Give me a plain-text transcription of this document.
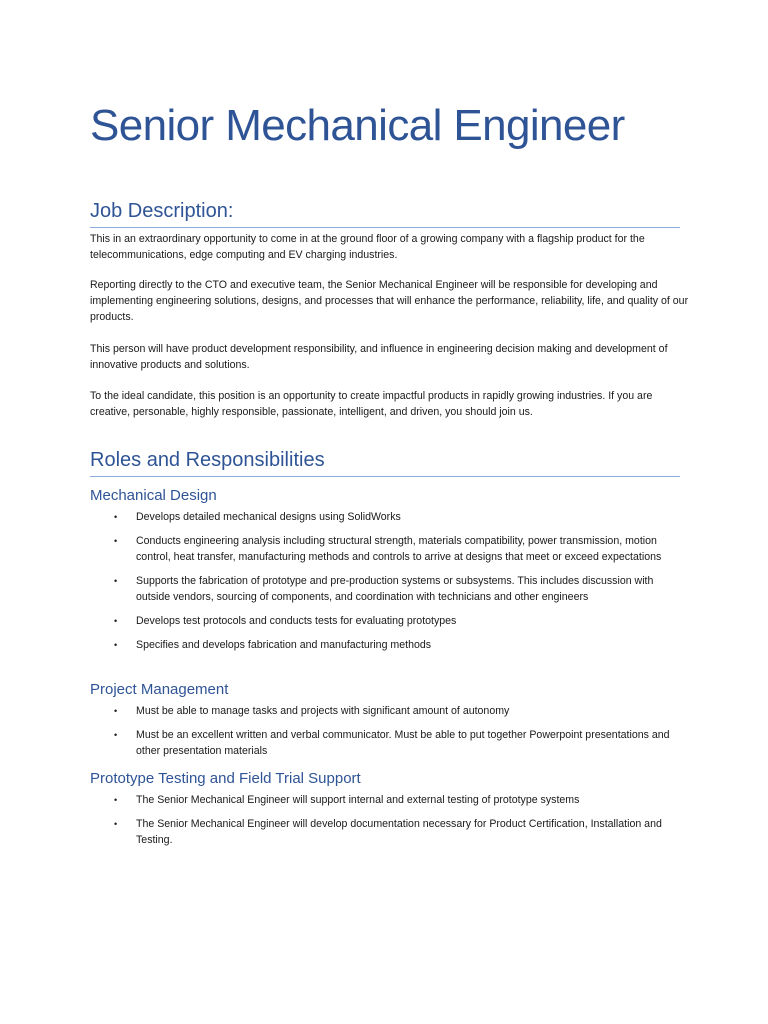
Senior Mechanical Engineer
Job Description:

This in an extraordinary opportunity to come in at the ground floor of a growing company with a flagship product for the telecommunications, edge computing and EV charging industries.

Reporting directly to the CTO and executive team, the Senior Mechanical Engineer will be responsible for developing and implementing engineering solutions, designs, and processes that will enhance the performance, reliability, life, and quality of our products.

This person will have product development responsibility, and influence in engineering decision making and development of innovative products and solutions.

To the ideal candidate, this position is an opportunity to create impactful products in rapidly growing industries. If you are creative, personable, highly responsible, passionate, intelligent, and driven, you should join us.

Roles and Responsibilities
Mechanical Design
• Develops detailed mechanical designs using SolidWorks
• Conducts engineering analysis including structural strength, materials compatibility, power transmission, motion control, heat transfer, manufacturing methods and controls to arrive at designs that meet or exceed expectations
• Supports the fabrication of prototype and pre-production systems or subsystems. This includes discussion with outside vendors, sourcing of components, and coordination with technicians and other engineers
• Develops test protocols and conducts tests for evaluating prototypes
• Specifies and develops fabrication and manufacturing methods
Project Management
• Must be able to manage tasks and projects with significant amount of autonomy
• Must be an excellent written and verbal communicator. Must be able to put together Powerpoint presentations and other presentation materials
Prototype Testing and Field Trial Support
• The Senior Mechanical Engineer will support internal and external testing of prototype systems
• The Senior Mechanical Engineer will develop documentation necessary for Product Certification, Installation and Testing.
